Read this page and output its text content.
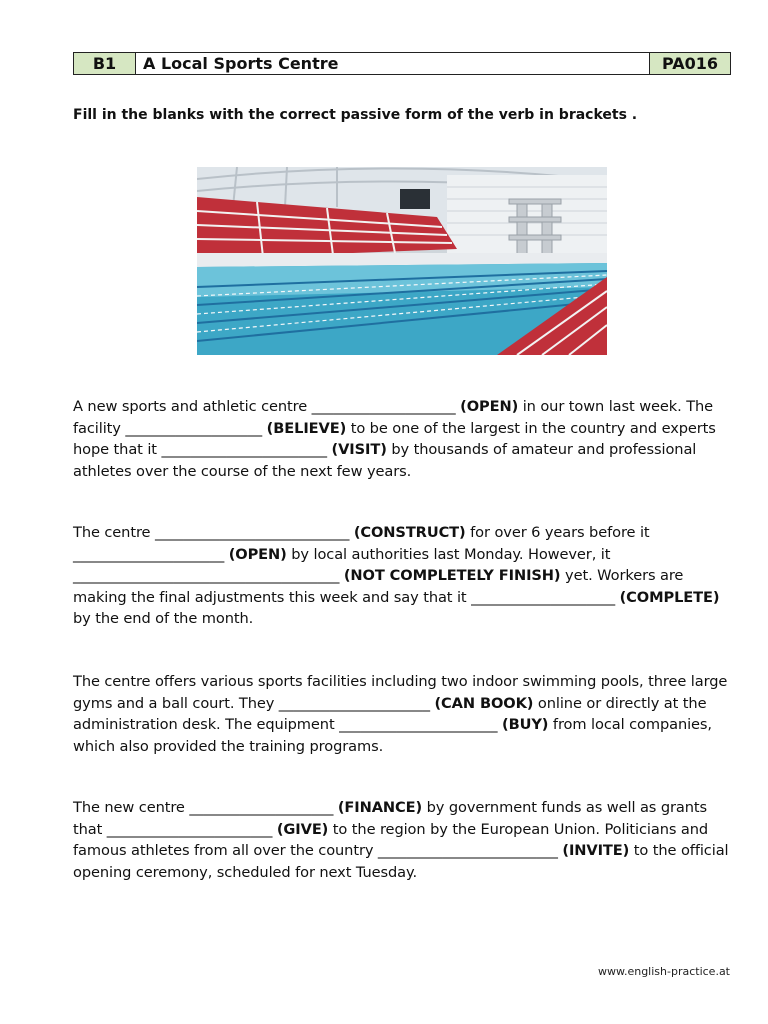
B1	A Local Sports Centre	PA016
Fill in the blanks with the correct passive form of the verb in brackets .
A new sports and athletic centre ____________________ (OPEN) in our town last week. The facility ___________________ (BELIEVE) to be one of the largest in the country and experts hope that it _______________________ (VISIT) by thousands of amateur and professional athletes over the course of the next few years.
The centre ___________________________ (CONSTRUCT) for over 6 years before it _____________________ (OPEN) by local authorities last Monday. However, it _____________________________________ (NOT COMPLETELY FINISH) yet. Workers are making the final adjustments this week and say that it ____________________ (COMPLETE) by the end of the month.
The centre offers various sports facilities including two indoor swimming pools, three large gyms and a ball court. They _____________________ (CAN BOOK) online or directly at the administration desk. The equipment ______________________ (BUY) from local companies, which also provided the training programs.
The new centre ____________________ (FINANCE) by government funds as well as grants that _______________________ (GIVE) to the region by the European Union. Politicians and famous athletes from all over the country _________________________ (INVITE) to the official opening ceremony, scheduled for next Tuesday.
www.english-practice.at
